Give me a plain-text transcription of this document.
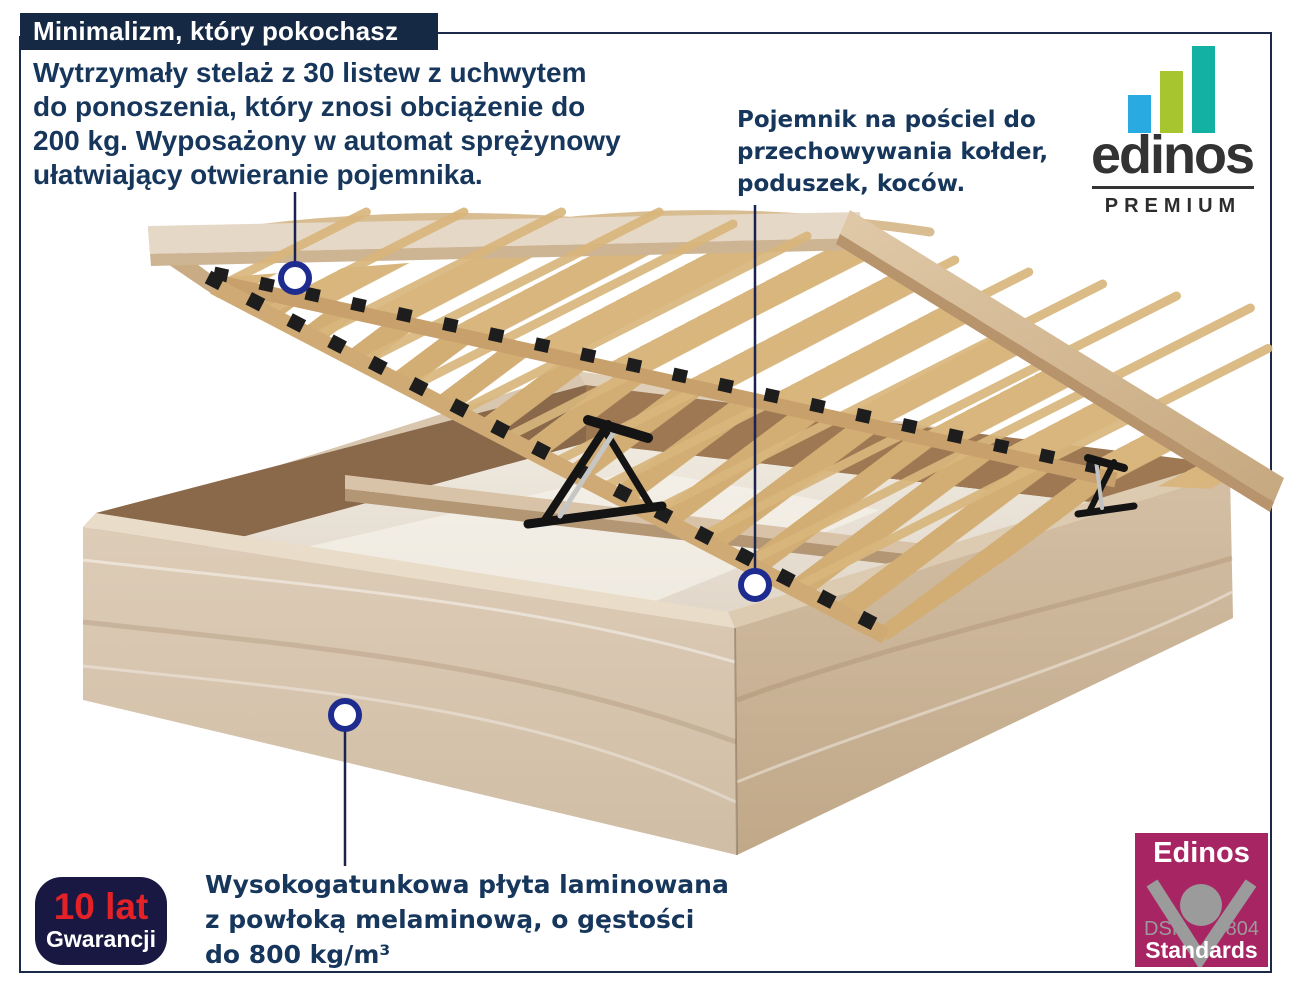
Minimalizm, który pokochasz
Wytrzymały stelaż z 30 listew z uchwytem
do ponoszenia, który znosi obciążenie do
200 kg. Wyposażony w automat sprężynowy
ułatwiający otwieranie pojemnika.
Pojemnik na pościel do
przechowywania kołder,
poduszek, koców.
Wysokogatunkowa płyta laminowana
z powłoką melaminową, o gęstości
do 800 kg/m³
edinos
PREMIUM
10 lat
Gwarancji
Edinos
DSI 804
Standards
